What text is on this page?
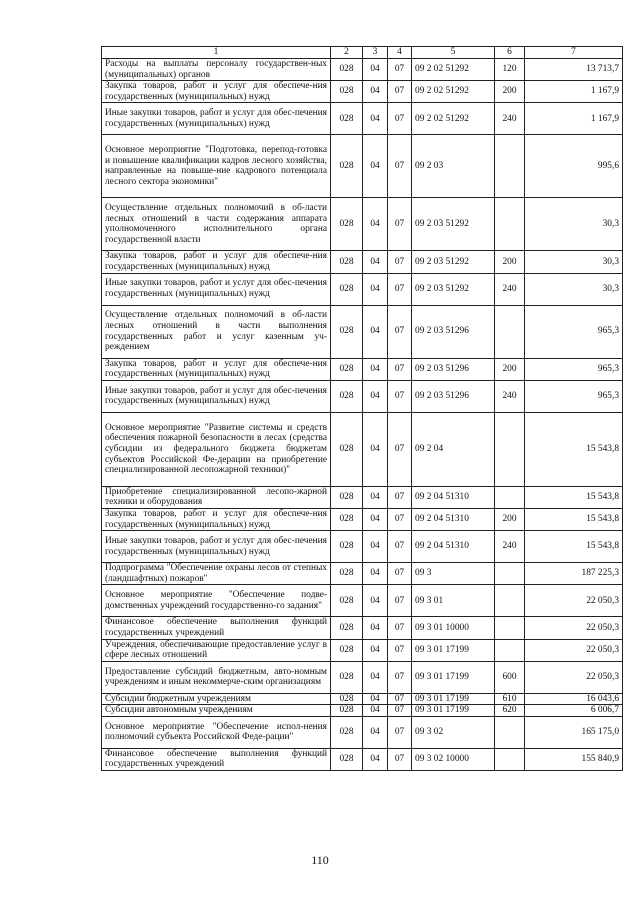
1	2	3	4	5	6	7
Расходы на выплаты персоналу государствен-ных (муниципальных) органов	028	04	07	09 2 02 51292	120	13 713,7
Закупка товаров, работ и услуг для обеспече-ния государственных (муниципальных) нужд	028	04	07	09 2 02 51292	200	1 167,9
Иные закупки товаров, работ и услуг для обес-печения государственных (муниципальных) нужд	028	04	07	09 2 02 51292	240	1 167,9
Основное мероприятие "Подготовка, перепод-готовка и повышение квалификации кадров лесного хозяйства, направленные на повыше-ние кадрового потенциала лесного сектора экономики"	028	04	07	09 2 03		995,6
Осуществление отдельных полномочий в об-ласти лесных отношений в части содержания аппарата уполномоченного исполнительного органа государственной власти	028	04	07	09 2 03 51292		30,3
Закупка товаров, работ и услуг для обеспече-ния государственных (муниципальных) нужд	028	04	07	09 2 03 51292	200	30,3
Иные закупки товаров, работ и услуг для обес-печения государственных (муниципальных) нужд	028	04	07	09 2 03 51292	240	30,3
Осуществление отдельных полномочий в об-ласти лесных отношений в части выполнения государственных работ и услуг казенным уч-реждением	028	04	07	09 2 03 51296		965,3
Закупка товаров, работ и услуг для обеспече-ния государственных (муниципальных) нужд	028	04	07	09 2 03 51296	200	965,3
Иные закупки товаров, работ и услуг для обес-печения государственных (муниципальных) нужд	028	04	07	09 2 03 51296	240	965,3
Основное мероприятие "Развитие системы и средств обеспечения пожарной безопасности в лесах (средства субсидии из федерального бюджета бюджетам субъектов Российской Фе-дерации на приобретение специализированной лесопожарной техники)"	028	04	07	09 2 04		15 543,8
Приобретение специализированной лесопо-жарной техники и оборудования	028	04	07	09 2 04 51310		15 543,8
Закупка товаров, работ и услуг для обеспече-ния государственных (муниципальных) нужд	028	04	07	09 2 04 51310	200	15 543,8
Иные закупки товаров, работ и услуг для обес-печения государственных (муниципальных) нужд	028	04	07	09 2 04 51310	240	15 543,8
Подпрограмма "Обеспечение охраны лесов от степных (ландшафтных) пожаров"	028	04	07	09 3		187 225,3
Основное мероприятие "Обеспечение подве-домственных учреждений государственно-го задания"	028	04	07	09 3 01		22 050,3
Финансовое обеспечение выполнения функций государственных учреждений	028	04	07	09 3 01 10000		22 050,3
Учреждения, обеспечивающие предоставление услуг в сфере лесных отношений	028	04	07	09 3 01 17199		22 050,3
Предоставление субсидий бюджетным, авто-номным учреждениям и иным некоммерче-ским организациям	028	04	07	09 3 01 17199	600	22 050,3
Субсидии бюджетным учреждениям	028	04	07	09 3 01 17199	610	16 043,6
Субсидии автономным учреждениям	028	04	07	09 3 01 17199	620	6 006,7
Основное мероприятие "Обеспечение испол-нения полномочий субъекта Российской Феде-рации"	028	04	07	09 3 02		165 175,0
Финансовое обеспечение выполнения функций государственных учреждений	028	04	07	09 3 02 10000		155 840,9
110
